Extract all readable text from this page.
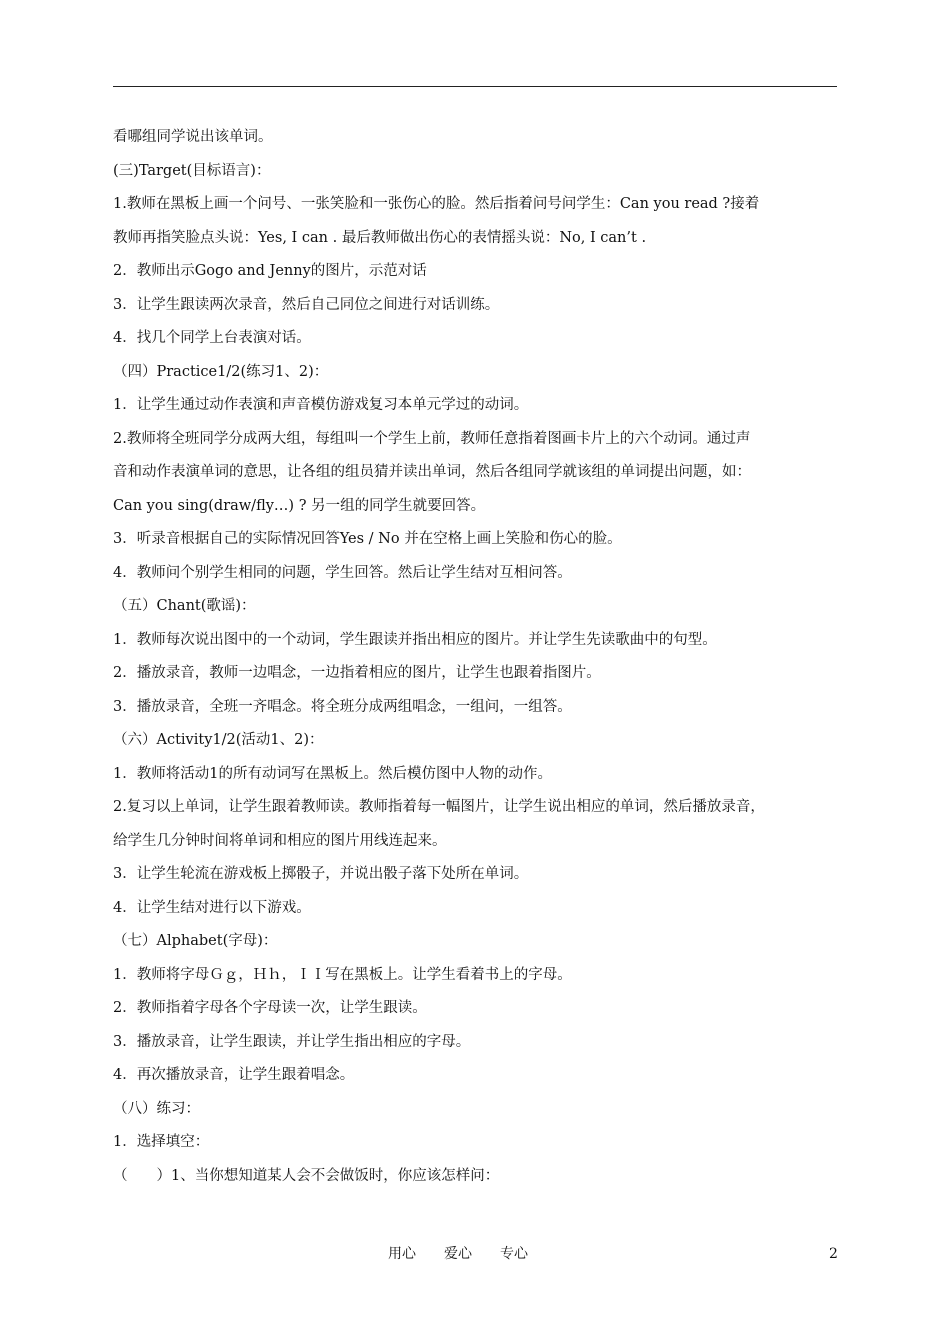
看哪组同学说出该单词。
(三)Target(目标语言)：
1.教师在黑板上画一个问号、一张笑脸和一张伤心的脸。然后指着问号问学生：Can you read ?接着
教师再指笑脸点头说：Yes, I can . 最后教师做出伤心的表情摇头说：No, I can’t .
2．教师出示Gogo and Jenny的图片，示范对话
3．让学生跟读两次录音，然后自己同位之间进行对话训练。
4．找几个同学上台表演对话。
（四）Practice1/2(练习1、2)：
1．让学生通过动作表演和声音模仿游戏复习本单元学过的动词。
2.教师将全班同学分成两大组，每组叫一个学生上前，教师任意指着图画卡片上的六个动词。通过声
音和动作表演单词的意思，让各组的组员猜并读出单词，然后各组同学就该组的单词提出问题，如：
Can you sing(draw/fly…) ? 另一组的同学生就要回答。
3．听录音根据自己的实际情况回答Yes / No 并在空格上画上笑脸和伤心的脸。
4．教师问个别学生相同的问题，学生回答。然后让学生结对互相问答。
（五）Chant(歌谣)：
1．教师每次说出图中的一个动词，学生跟读并指出相应的图片。并让学生先读歌曲中的句型。
2．播放录音，教师一边唱念，一边指着相应的图片，让学生也跟着指图片。
3．播放录音，全班一齐唱念。将全班分成两组唱念，一组问，一组答。
（六）Activity1/2(活动1、2)：
1．教师将活动1的所有动词写在黑板上。然后模仿图中人物的动作。
2.复习以上单词，让学生跟着教师读。教师指着每一幅图片，让学生说出相应的单词，然后播放录音，
给学生几分钟时间将单词和相应的图片用线连起来。
3．让学生轮流在游戏板上掷骰子，并说出骰子落下处所在单词。
4．让学生结对进行以下游戏。
（七）Alphabet(字母)：
1．教师将字母Ｇｇ，Ｈｈ，ＩＩ写在黑板上。让学生看着书上的字母。
2．教师指着字母各个字母读一次，让学生跟读。
3．播放录音，让学生跟读，并让学生指出相应的字母。
4．再次播放录音，让学生跟着唱念。
（八）练习：
1．选择填空：
（　　）1、当你想知道某人会不会做饭时，你应该怎样问：
用心　　爱心　　专心	2
